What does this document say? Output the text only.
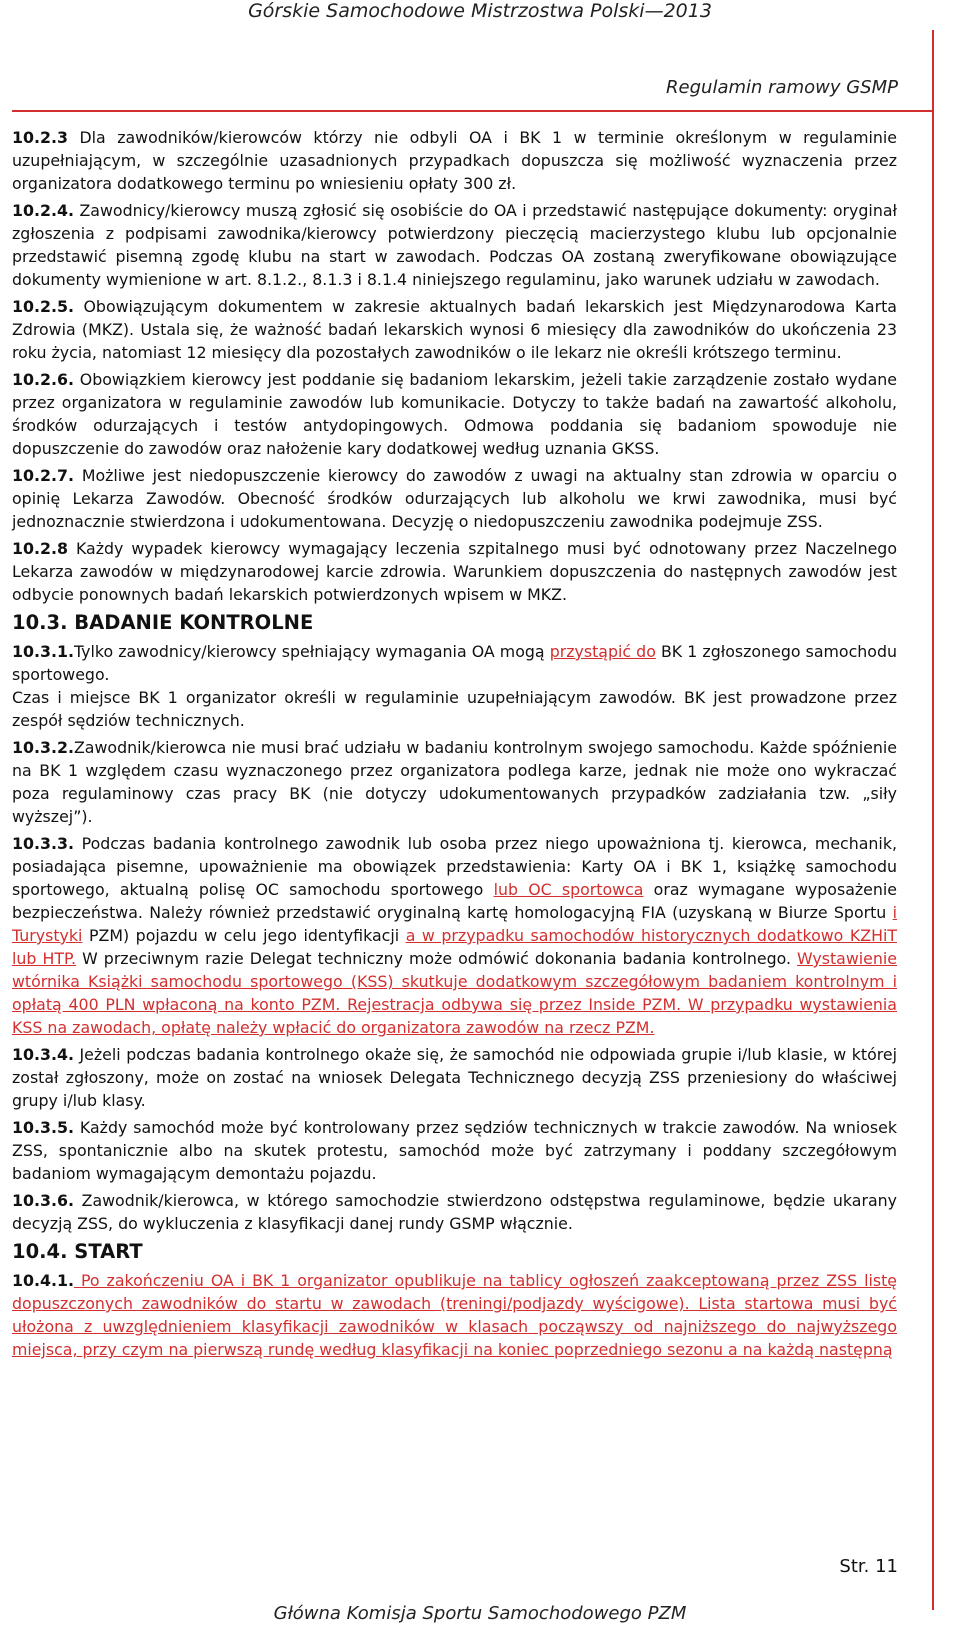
Górskie Samochodowe Mistrzostwa Polski—2013
Regulamin ramowy GSMP

10.2.3 Dla zawodników/kierowców którzy nie odbyli OA i BK 1 w terminie określonym w regulaminie uzupełniającym, w szczególnie uzasadnionych przypadkach dopuszcza się możliwość wyznaczenia przez organizatora dodatkowego terminu po wniesieniu opłaty 300 zł.

10.2.4. Zawodnicy/kierowcy muszą zgłosić się osobiście do OA i przedstawić następujące dokumenty: oryginał zgłoszenia z podpisami zawodnika/kierowcy potwierdzony pieczęcią macierzystego klubu lub opcjonalnie przedstawić pisemną zgodę klubu na start w zawodach. Podczas OA zostaną zweryfikowane obowiązujące dokumenty wymienione w art. 8.1.2., 8.1.3 i 8.1.4 niniejszego regulaminu, jako warunek udziału w zawodach.

10.2.5. Obowiązującym dokumentem w zakresie aktualnych badań lekarskich jest Międzynarodowa Karta Zdrowia (MKZ). Ustala się, że ważność badań lekarskich wynosi 6 miesięcy dla zawodników do ukończenia 23 roku życia, natomiast 12 miesięcy dla pozostałych zawodników o ile lekarz nie określi krótszego terminu.

10.2.6. Obowiązkiem kierowcy jest poddanie się badaniom lekarskim, jeżeli takie zarządzenie zostało wydane przez organizatora w regulaminie zawodów lub komunikacie. Dotyczy to także badań na zawartość alkoholu, środków odurzających i testów antydopingowych. Odmowa poddania się badaniom spowoduje nie dopuszczenie do zawodów oraz nałożenie kary dodatkowej według uznania GKSS.

10.2.7. Możliwe jest niedopuszczenie kierowcy do zawodów z uwagi na aktualny stan zdrowia w oparciu o opinię Lekarza Zawodów. Obecność środków odurzających lub alkoholu we krwi zawodnika, musi być jednoznacznie stwierdzona i udokumentowana. Decyzję o niedopuszczeniu zawodnika podejmuje ZSS.

10.2.8 Każdy wypadek kierowcy wymagający leczenia szpitalnego musi być odnotowany przez Naczelnego Lekarza zawodów w międzynarodowej karcie zdrowia. Warunkiem dopuszczenia do następnych zawodów jest odbycie ponownych badań lekarskich potwierdzonych wpisem w MKZ.

10.3. BADANIE KONTROLNE

10.3.1.Tylko zawodnicy/kierowcy spełniający wymagania OA mogą przystąpić do BK 1 zgłoszonego samochodu sportowego.
Czas i miejsce BK 1 organizator określi w regulaminie uzupełniającym zawodów. BK jest prowadzone przez zespół sędziów technicznych.

10.3.2.Zawodnik/kierowca nie musi brać udziału w badaniu kontrolnym swojego samochodu. Każde spóźnienie na BK 1 względem czasu wyznaczonego przez organizatora podlega karze, jednak nie może ono wykraczać poza regulaminowy czas pracy BK (nie dotyczy udokumentowanych przypadków zadziałania tzw. „siły wyższej”).

10.3.3. Podczas badania kontrolnego zawodnik lub osoba przez niego upoważniona tj. kierowca, mechanik, posiadająca pisemne, upoważnienie ma obowiązek przedstawienia: Karty OA i BK 1, książkę samochodu sportowego, aktualną polisę OC samochodu sportowego lub OC sportowca oraz wymagane wyposażenie bezpieczeństwa. Należy również przedstawić oryginalną kartę homologacyjną FIA (uzyskaną w Biurze Sportu i Turystyki PZM) pojazdu w celu jego identyfikacji a w przypadku samochodów historycznych dodatkowo KZHiT lub HTP. W przeciwnym razie Delegat techniczny może odmówić dokonania badania kontrolnego. Wystawienie wtórnika Książki samochodu sportowego (KSS) skutkuje dodatkowym szczegółowym badaniem kontrolnym i opłatą 400 PLN wpłaconą na konto PZM. Rejestracja odbywa się przez Inside PZM. W przypadku wystawienia KSS na zawodach, opłatę należy wpłacić do organizatora zawodów na rzecz PZM.

10.3.4. Jeżeli podczas badania kontrolnego okaże się, że samochód nie odpowiada grupie i/lub klasie, w której został zgłoszony, może on zostać na wniosek Delegata Technicznego decyzją ZSS przeniesiony do właściwej grupy i/lub klasy.

10.3.5. Każdy samochód może być kontrolowany przez sędziów technicznych w trakcie zawodów. Na wniosek ZSS, spontanicznie albo na skutek protestu, samochód może być zatrzymany i poddany szczegółowym badaniom wymagającym demontażu pojazdu.

10.3.6. Zawodnik/kierowca, w którego samochodzie stwierdzono odstępstwa regulaminowe, będzie ukarany decyzją ZSS, do wykluczenia z klasyfikacji danej rundy GSMP włącznie.

10.4. START

10.4.1. Po zakończeniu OA i BK 1 organizator opublikuje na tablicy ogłoszeń zaakceptowaną przez ZSS listę dopuszczonych zawodników do startu w zawodach (treningi/podjazdy wyścigowe). Lista startowa musi być ułożona z uwzględnieniem klasyfikacji zawodników w klasach począwszy od najniższego do najwyższego miejsca, przy czym na pierwszą rundę według klasyfikacji na koniec poprzedniego sezonu a na każdą następną

Str. 11
Główna Komisja Sportu Samochodowego PZM
